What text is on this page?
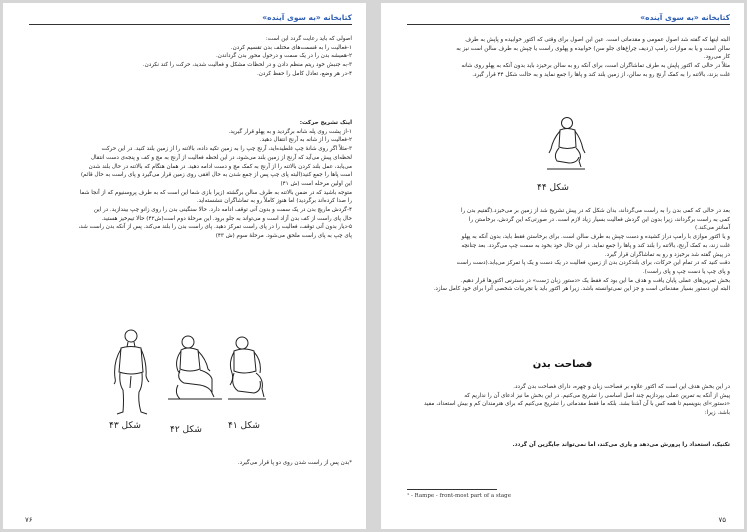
کتابخانه «به سوی آینده»

اصولی که باید رعایت گردد این است:

۱-فعالیت را به قسمت‌های مختلف بدن تقسیم کردن.

۲-همیشه بدن را در یک سمت و درحول محور بدن گرداندن.

۳-به جنبش خود ریتم منظم دادن و در لحظات مشکل و فعالیت شدید، حرکت را کند نکردن.

۴-در هر وضع، تعادل کامل را حفظ کردن.

اینک تشریح حرکت:

۱-از پشت روی پله شانه برگردید و به پهلو قرار گیرید.

۲-فعالیت را از شانه به آرنج انتقال دهید.

۳-مثلاً اگر روی شانهٔ چپ غلطیده‌اید، آرنج چپ را به زمین تکیه داده، بالاتنه را از زمین بلند کنید. در این حرکت

لحظه‌ای پیش می‌آید که آرنج از زمین بلند می‌شود، در این لحظه فعالیت از آرنج به مچ و کف و پنجه‌ی دست انتقال

می‌یابد، عمل بلند کردن بالاتنه را از آرنج به کمک مچ و دست ادامه دهید. در همان هنگام که بالاتنه در حال بلند شدن

است پاها را جمع کنید(البته پای چپ پس از جمع شدن به حال افقی روی زمین قرار می‌گیرد و پای راست به حال قائم)

این اولین مرحله است (ش ۴۱)

متوجه باشید که در ضمن بالاتنه به طرف سالن برگشته (زیرا بازی شما این است که به طرف پروسنیوم که از آنجا شما

را صدا کرده‌اند برگردید) اما هنوز کاملاً رو به تماشاگران ننشسته‌اید.

۴-گردش ماریچ بدن در یک سمت و بدون آنی توقف ادامه دارد. حالا سنگینی بدن را روی زانو چپ بیندازید. در این

حال پای راست از کف بدن آزاد است و می‌تواند به جلو برود. این مرحلهٔ دوم است(ش۴۲) حالا تیم‌خیز هستید.

۵-دیار بدون آنی توقف، فعالیت را در پای راست تمرکز دهید. پای راست بدن را بلند می‌کند. پس از آنکه بدن راست شد،

پای چپ به پای راست ملحق می‌شود. مرحلهٔ سوم (ش ۴۳)

شکل ۴۳	شکل ۴۲	شکل ۴۱
*بدن پس از راست شدن روی دو پا قرار می‌گیرد.
۷۶
کتابخانه «به سوی آینده»

البته اینها که گفته شد اصول عمومی و مقدماتی است. عین این اصول برای وقتی که اکتور خوابیده و پاپش به طرف

سالن است و یا به موازات رامپ (ردیف چراغ‌های جلو سن) خوابیده و پهلوی راست یا چپش به طرف سالن است نیز به

کار می‌رود.

مثلاً در حالی که اکتور پاپش به طرف تماشاگران است، برای آنکه رو به سالن برخیزد باید بدون آنکه به پهلو روی شانه

غلت بزند، بالاتنه را به کمک آرنج رو به سالن، از زمین بلند کند و پاها را جمع نماید و به حالت شکل ۴۴ قرار گیرد.

شکل ۴۴

بعد در حالی که کمی بدن را به راست می‌گرداند، بدان شکل که در پیش تشریح شد از زمین بر می‌خیزد.(گفتیم بدن را

کمی به راست برگرداند، زیرا بدون این گردش فعالیت بسیار زیاد لازم است. در صورتی‌که این گردش، برخاستن را

آسانتر می‌کند.)

و یا اکتور موازی با رامپ دراز کشیده و دست چپش به طرف سالن است. برای برخاستن فقط باید، بدون آنکه به پهلو

غلت زند، به کمک آرنج، بالاتنه را بلند کند و پاها را جمع نماید. در این حال خود بخود به سمت چپ می‌گردد. بعد چنانچه

در پیش گفته شد برخیزد و رو به تماشاگران قرار گیرد.

دقت کنید که در تمام این حرکات، برای بلندکردن بدن از زمین، فعالیت در یک دست و یک پا تمرکز می‌یابد.(دست راست

و پای چپ یا دست چپ و پای راست).

بخش تمرین‌های عملی پایان یافت و هدف ما این بود که فقط یک «دستور زبان ژست» در دسترس اکتورها قرار دهیم.

البته این دستور بسیار مقدماتی است و جز این نمی‌توانسته باشد. زیرا هر اکتور باید با تجربیات شخصی آنرا برای خود کامل سازد.

فصاحت بدن

در این بخش هدف این است که اکتور علاوه بر فصاحت زبان و چهره، دارای فصاحت بدن گردد.

پیش از آنکه به تمرین عملی بپردازیم چند اصل اساسی را تشریح می‌کنیم. در این بخش ما نیز ادعای آن را نداریم که

«دستور»ای بنویسیم تا همه کس با آن آشنا بشد. بلکه ما فقط مقدماتی را تشریح می‌کنیم که برای هنرمندان کم و بیش استعداد، مفید

باشد. زیرا:

تکنیک، استعداد را پرورش می‌دهد و یاری می‌کند، اما نمی‌تواند جایگزین آن گردد.
¹ - Rampe - front-most part of a stage
۷۵
